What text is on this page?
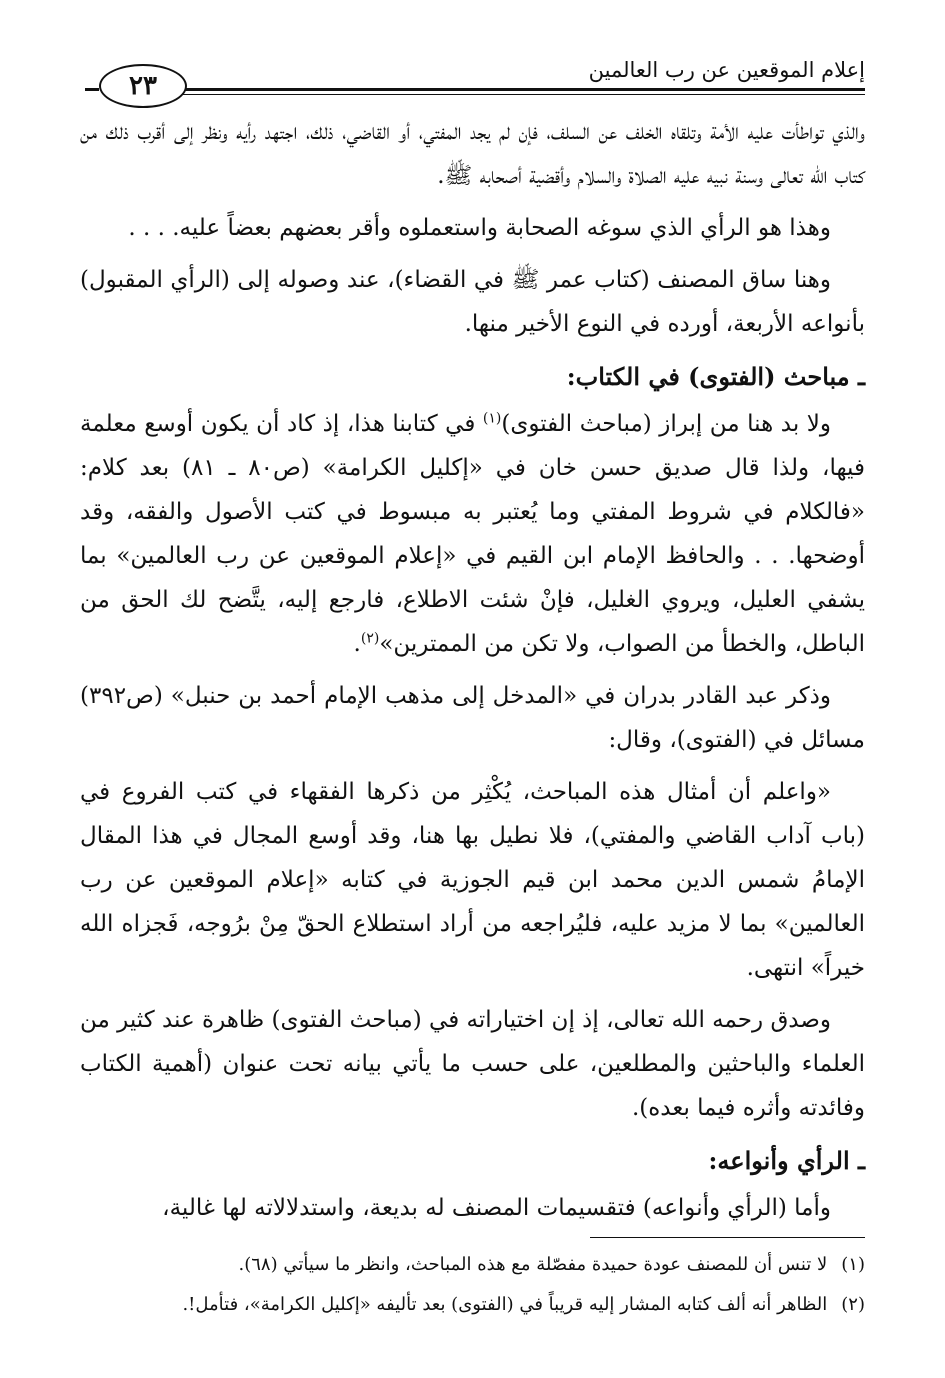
إعلام الموقعين عن رب العالمين
٢٣

والذي تواطأت عليه الأمة وتلقاه الخلف عن السلف، فإن لم يجد المفتي، أو القاضي، ذلك، اجتهد رأيه ونظر إلى أقرب ذلك من كتاب الله تعالى وسنة نبيه عليه الصلاة والسلام وأقضية أصحابه ﷺ.

وهذا هو الرأي الذي سوغه الصحابة واستعملوه وأقر بعضهم بعضاً عليه. . . .

وهنا ساق المصنف (كتاب عمر ﷺ في القضاء)، عند وصوله إلى (الرأي المقبول) بأنواعه الأربعة، أورده في النوع الأخير منها.

ـ مباحث (الفتوى) في الكتاب:

ولا بد هنا من إبراز (مباحث الفتوى)$^{(١)}$ في كتابنا هذا، إذ كاد أن يكون أوسع معلمة فيها، ولذا قال صديق حسن خان في «إكليل الكرامة» (ص٨٠ ـ ٨١) بعد كلام: «فالكلام في شروط المفتي وما يُعتبر به مبسوط في كتب الأصول والفقه، وقد أوضحها. . . والحافظ الإمام ابن القيم في «إعلام الموقعين عن رب العالمين» بما يشفي العليل، ويروي الغليل، فإنْ شئت الاطلاع، فارجع إليه، يتَّضح لك الحق من الباطل، والخطأ من الصواب، ولا تكن من الممترين»$^{(٢)}$.

وذكر عبد القادر بدران في «المدخل إلى مذهب الإمام أحمد بن حنبل» (ص٣٩٢) مسائل في (الفتوى)، وقال:

«واعلم أن أمثال هذه المباحث، يُكْثِر من ذكرها الفقهاء في كتب الفروع في (باب آداب القاضي والمفتي)، فلا نطيل بها هنا، وقد أوسع المجال في هذا المقال الإمامُ شمس الدين محمد ابن قيم الجوزية في كتابه «إعلام الموقعين عن رب العالمين» بما لا مزيد عليه، فليُراجعه من أراد استطلاع الحقّ مِنْ برُوجه، فَجزاه الله خيراً» انتهى.

وصدق رحمه الله تعالى، إذ إن اختياراته في (مباحث الفتوى) ظاهرة عند كثير من العلماء والباحثين والمطلعين، على حسب ما يأتي بيانه تحت عنوان (أهمية الكتاب وفائدته وأثره فيما بعده).

ـ الرأي وأنواعه:

وأما (الرأي وأنواعه) فتقسيمات المصنف له بديعة، واستدلالاته لها غالية،

(١)
لا تنس أن للمصنف عودة حميدة مفصّلة مع هذه المباحث، وانظر ما سيأتي (٦٨).
(٢)
الظاهر أنه ألف كتابه المشار إليه قريباً في (الفتوى) بعد تأليفه «إكليل الكرامة»، فتأمل!.
